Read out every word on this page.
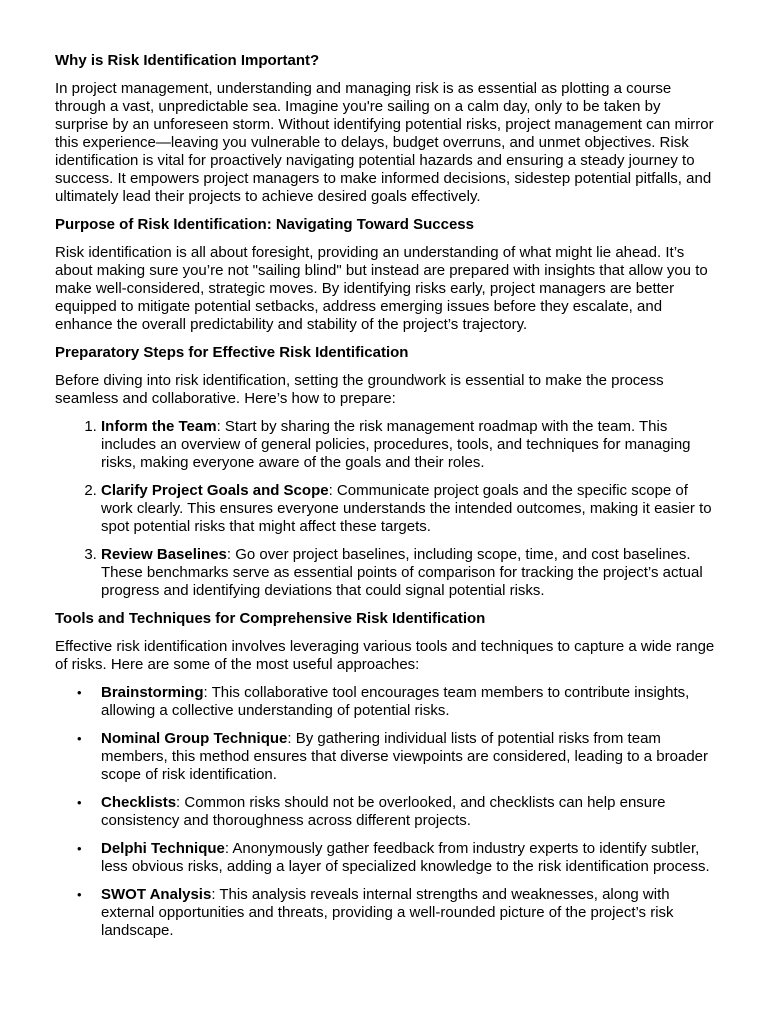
Why is Risk Identification Important?

In project management, understanding and managing risk is as essential as plotting a course through a vast, unpredictable sea. Imagine you're sailing on a calm day, only to be taken by surprise by an unforeseen storm. Without identifying potential risks, project management can mirror this experience—leaving you vulnerable to delays, budget overruns, and unmet objectives. Risk identification is vital for proactively navigating potential hazards and ensuring a steady journey to success. It empowers project managers to make informed decisions, sidestep potential pitfalls, and ultimately lead their projects to achieve desired goals effectively.

Purpose of Risk Identification: Navigating Toward Success

Risk identification is all about foresight, providing an understanding of what might lie ahead. It’s about making sure you’re not "sailing blind" but instead are prepared with insights that allow you to make well-considered, strategic moves. By identifying risks early, project managers are better equipped to mitigate potential setbacks, address emerging issues before they escalate, and enhance the overall predictability and stability of the project’s trajectory.

Preparatory Steps for Effective Risk Identification

Before diving into risk identification, setting the groundwork is essential to make the process seamless and collaborative. Here’s how to prepare:

1. Inform the Team: Start by sharing the risk management roadmap with the team. This includes an overview of general policies, procedures, tools, and techniques for managing risks, making everyone aware of the goals and their roles.
2. Clarify Project Goals and Scope: Communicate project goals and the specific scope of work clearly. This ensures everyone understands the intended outcomes, making it easier to spot potential risks that might affect these targets.
3. Review Baselines: Go over project baselines, including scope, time, and cost baselines. These benchmarks serve as essential points of comparison for tracking the project’s actual progress and identifying deviations that could signal potential risks.
Tools and Techniques for Comprehensive Risk Identification

Effective risk identification involves leveraging various tools and techniques to capture a wide range of risks. Here are some of the most useful approaches:

• Brainstorming: This collaborative tool encourages team members to contribute insights, allowing a collective understanding of potential risks.
• Nominal Group Technique: By gathering individual lists of potential risks from team members, this method ensures that diverse viewpoints are considered, leading to a broader scope of risk identification.
• Checklists: Common risks should not be overlooked, and checklists can help ensure consistency and thoroughness across different projects.
• Delphi Technique: Anonymously gather feedback from industry experts to identify subtler, less obvious risks, adding a layer of specialized knowledge to the risk identification process.
• SWOT Analysis: This analysis reveals internal strengths and weaknesses, along with external opportunities and threats, providing a well-rounded picture of the project’s risk landscape.
